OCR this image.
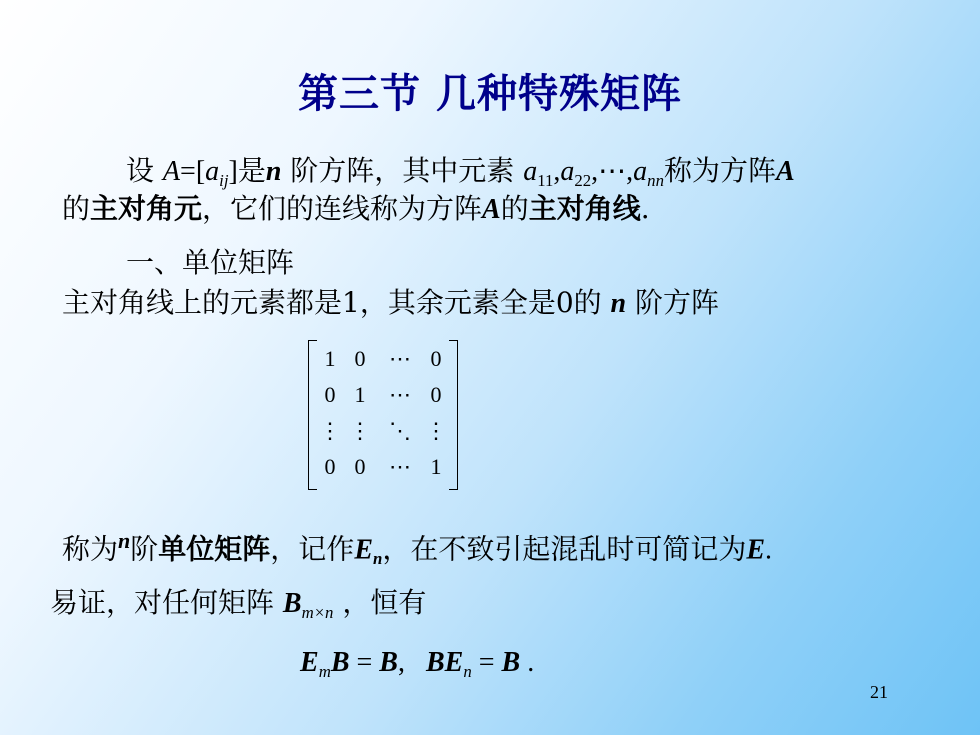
第三节 几种特殊矩阵
设 $A=[a_{ij}]$是n 阶方阵，其中元素 $a_{11},a_{22},\cdots,a_{nn}$称为方阵A
的主对角元，它们的连线称为方阵A的主对角线.
一、单位矩阵
主对角线上的元素都是1，其余元素全是0的 n 阶方阵
1 0	⋯ 0
0 1	⋯ 0
⋮ ⋮ ⋱ ⋮
0 0	⋯ 1
称为$^n$阶单位矩阵，记作$E_n$，在不致引起混乱时可简记为E.
易证，对任何矩阵 $B_{m\times n}$ ，恒有
$E_mB = B$, $BE_n = B$ .
21
